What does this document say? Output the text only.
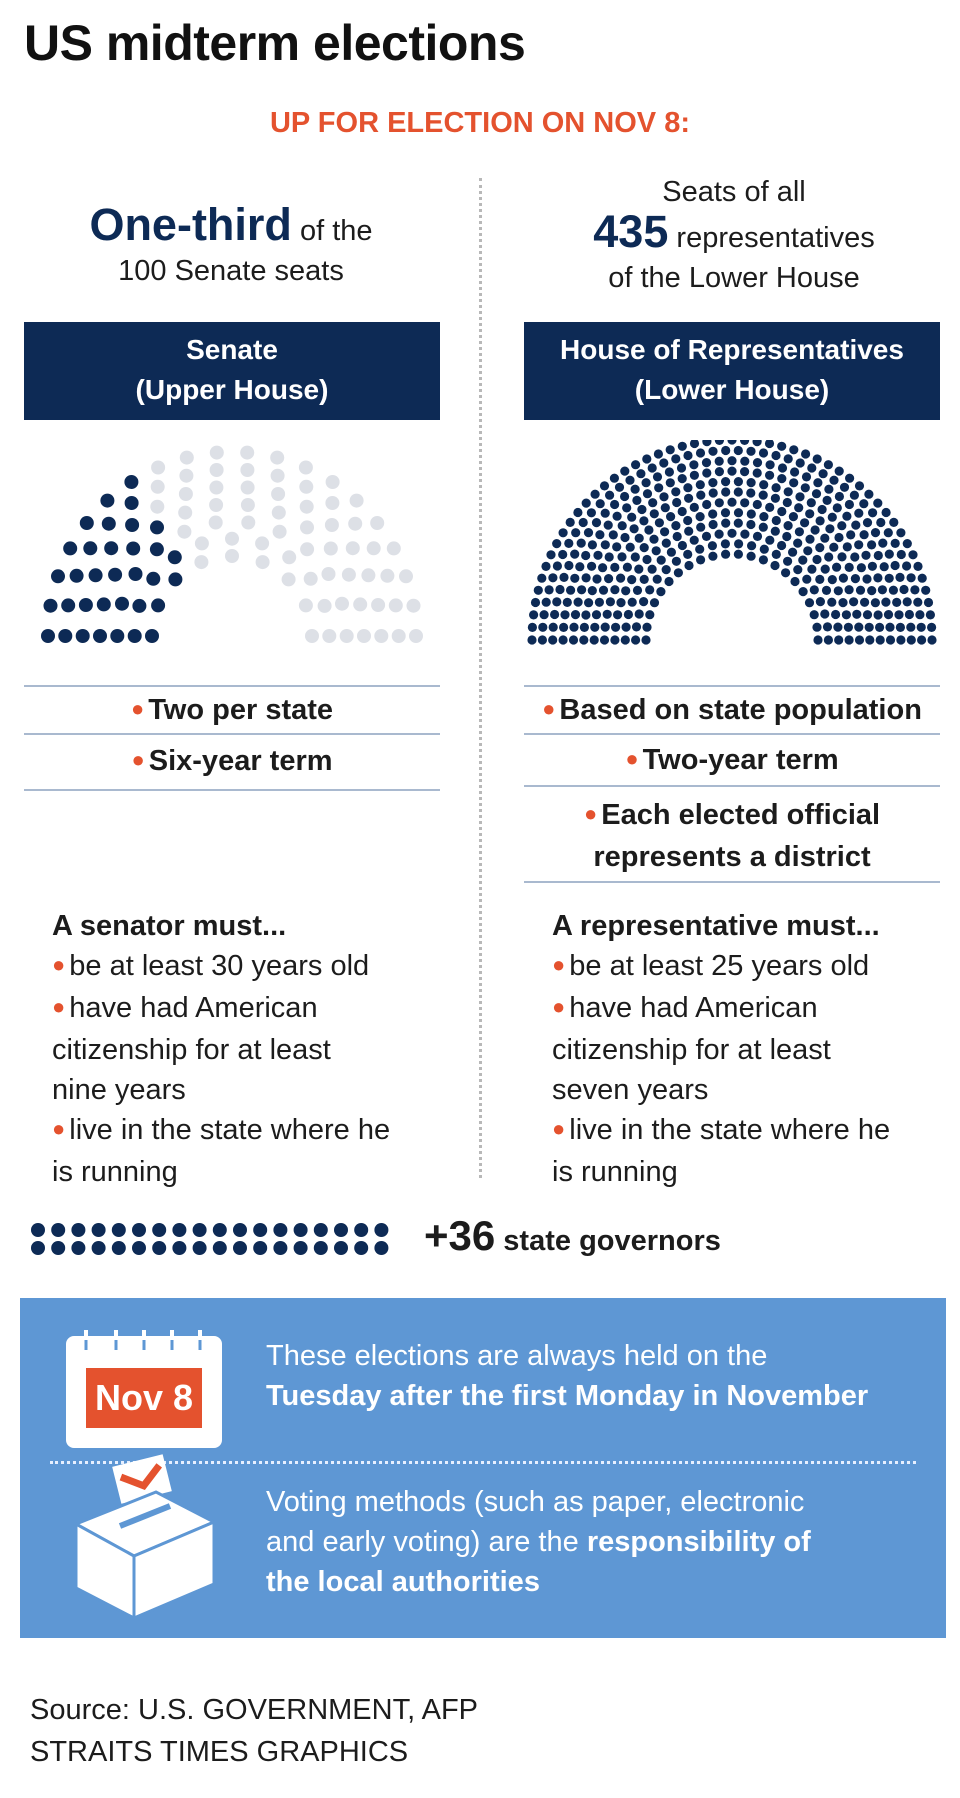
US midterm elections
UP FOR ELECTION ON NOV 8:
One-third of the
100 Senate seats
Senate
(Upper House)
● Two per state
● Six-year term
A senator must...
● be at least 30 years old
● have had American
citizenship for at least
nine years
● live in the state where he
is running
Seats of all
435 representatives
of the Lower House
House of Representatives
(Lower House)
● Based on state population
● Two-year term
● Each elected official
represents a district
A representative must...
● be at least 25 years old
● have had American
citizenship for at least
seven years
● live in the state where he
is running
+36 state governors
Nov 8
These elections are always held on the
Tuesday after the first Monday in November
Voting methods (such as paper, electronic
and early voting) are the responsibility of
the local authorities
Source: U.S. GOVERNMENT, AFP
STRAITS TIMES GRAPHICS
